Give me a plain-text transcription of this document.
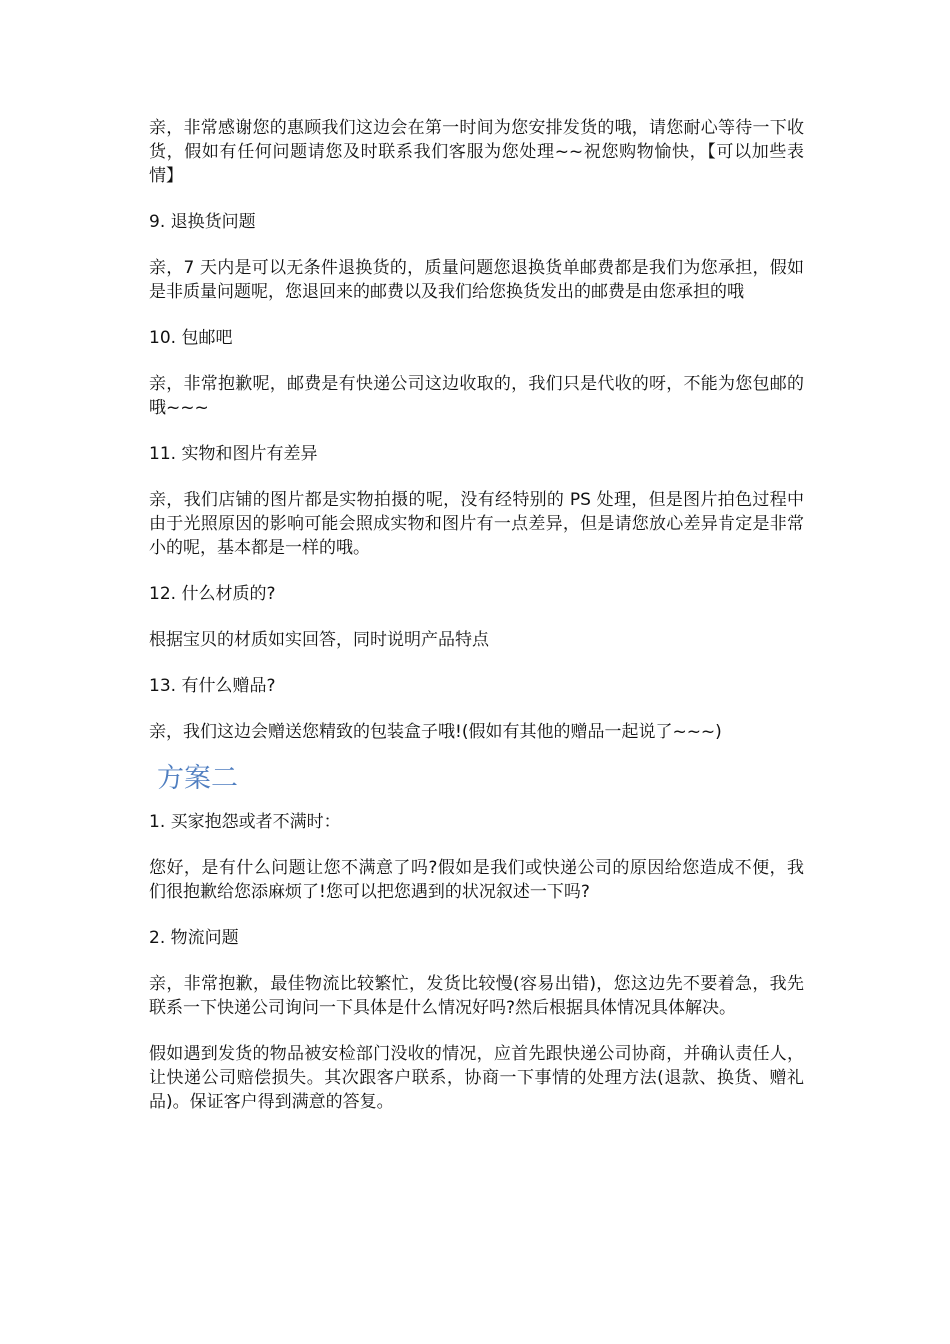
亲，非常感谢您的惠顾我们这边会在第一时间为您安排发货的哦，请您耐心等待一下收货，假如有任何问题请您及时联系我们客服为您处理~~祝您购物愉快，【可以加些表情】

9. 退换货问题

亲，7 天内是可以无条件退换货的，质量问题您退换货单邮费都是我们为您承担，假如是非质量问题呢，您退回来的邮费以及我们给您换货发出的邮费是由您承担的哦

10. 包邮吧

亲，非常抱歉呢，邮费是有快递公司这边收取的，我们只是代收的呀，不能为您包邮的哦~~~

11. 实物和图片有差异

亲，我们店铺的图片都是实物拍摄的呢，没有经特别的 PS 处理，但是图片拍色过程中由于光照原因的影响可能会照成实物和图片有一点差异，但是请您放心差异肯定是非常小的呢，基本都是一样的哦。

12. 什么材质的?

根据宝贝的材质如实回答，同时说明产品特点

13. 有什么赠品?

亲，我们这边会赠送您精致的包装盒子哦!(假如有其他的赠品一起说了~~~)

方案二

1. 买家抱怨或者不满时：

您好，是有什么问题让您不满意了吗?假如是我们或快递公司的原因给您造成不便，我们很抱歉给您添麻烦了!您可以把您遇到的状况叙述一下吗?

2. 物流问题

亲，非常抱歉，最佳物流比较繁忙，发货比较慢(容易出错)，您这边先不要着急，我先联系一下快递公司询问一下具体是什么情况好吗?然后根据具体情况具体解决。

假如遇到发货的物品被安检部门没收的情况，应首先跟快递公司协商，并确认责任人，让快递公司赔偿损失。其次跟客户联系，协商一下事情的处理方法(退款、换货、赠礼品)。保证客户得到满意的答复。
